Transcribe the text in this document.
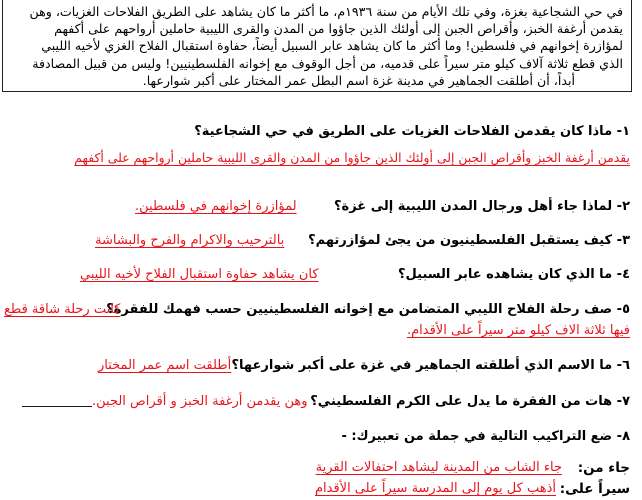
في حي الشجاعية بغزة، وفي تلك الأيام من سنة ١٩٣٦م، ما أكثر ما كان يشاهد على الطريق الفلاحات الغزيات، وهن
يقدمن أرغفة الخبز، وأقراص الجبن إلى أولئك الذين جاؤوا من المدن والقرى الليبية حاملين أرواحهم على أكفهم
لمؤازرة إخوانهم في فلسطين! وما أكثر ما كان يشاهد عابر السبيل أيضاً، حفاوة استقبال الفلاح الغزي لأخيه الليبي
الذي قطع ثلاثة آلاف كيلو متر سيراً على قدميه، من أجل الوقوف مع إخوانه الفلسطينيين! وليس من قبيل المصادفة
أبداً، أن أطلقت الجماهير في مدينة غزة اسم البطل عمر المختار على أكبر شوارعها.
١- ماذا كان يقدمن الفلاحات الغزيات على الطريق في حي الشجاعية؟
يقدمن أرغفة الخبز وأقراص الجبن إلى أولئك الذين جاؤوا من المدن والقرى الليبية حاملين أرواحهم على أكفهم
٢- لماذا جاء أهل ورجال المدن الليبية إلى غزة؟
لمؤازرة إخوانهم في فلسطين.
٣- كيف يستقبل الفلسطينيون من يجئ لمؤازرتهم؟
بالترحيب والاكرام والفرح والبشاشة
٤- ما الذي كان يشاهده عابر السبيل؟
كان يشاهد حفاوة استقبال الفلاح لأخيه الليبي
٥- صف رحلة الفلاح الليبي المتضامن مع إخوانه الفلسطينيين حسب فهمك للفقرة؟
كانت رحلة شاقة قطع
فيها ثلاثة الاف كيلو متر سيراً على الأقدام.
٦- ما الاسم الذي أطلقته الجماهير في غزة على أكبر شوارعها؟
أطلقت اسم عمر المختار
٧- هات من الفقرة ما يدل على الكرم الفلسطيني؟
وهن يقدمن أرغفة الخبز و أقراص الجبن.
٨- ضع التراكيب التالية في جملة من تعبيرك: -
جاء من:
جاء الشاب من المدينة ليشاهد احتفالات القرية
سيراً على:
أذهب كل يوم إلى المدرسة سيراً على الأقدام
